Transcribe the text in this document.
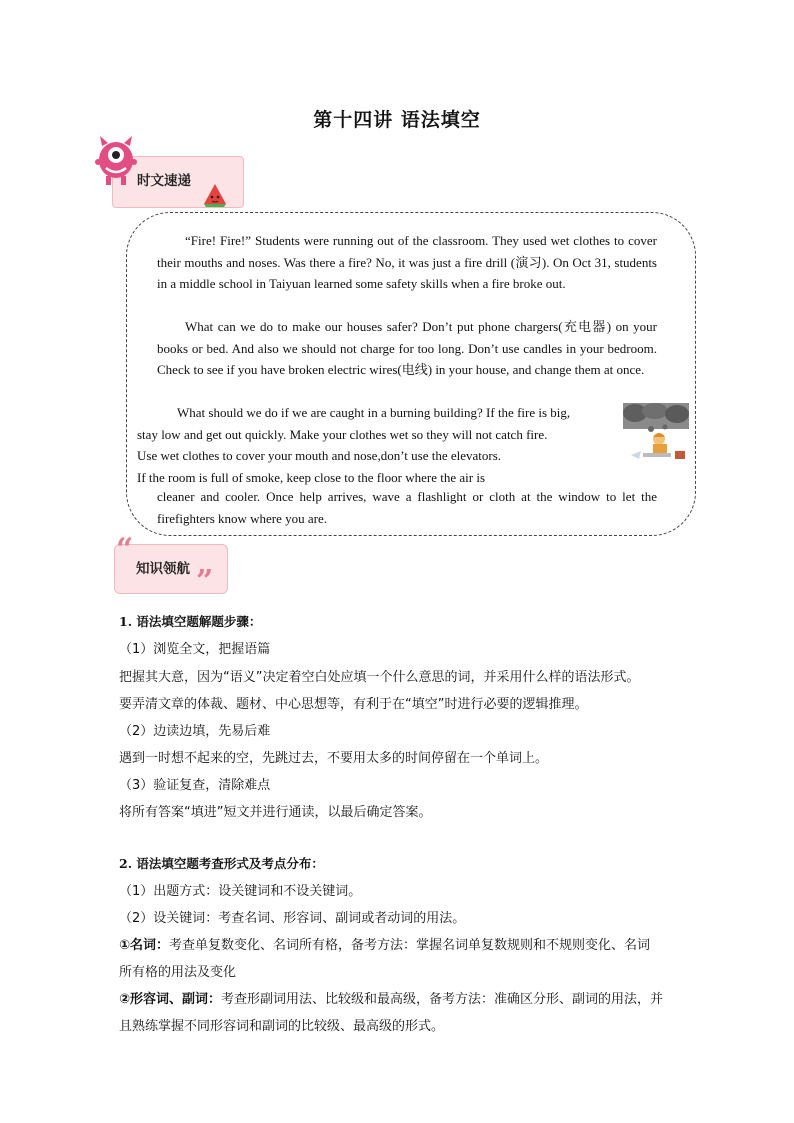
第十四讲 语法填空
时文速递

“Fire! Fire!” Students were running out of the classroom. They used wet clothes to cover their mouths and noses. Was there a fire? No, it was just a fire drill (演习). On Oct 31, students in a middle school in Taiyuan learned some safety skills when a fire broke out.

What can we do to make our houses safer? Don’t put phone chargers(充电器) on your books or bed. And also we should not charge for too long. Don’t use candles in your bedroom. Check to see if you have broken electric wires(电线) in your house, and change them at once.

What should we do if we are caught in a burning building? If the fire is big,
stay low and get out quickly. Make your clothes wet so they will not catch fire.
Use wet clothes to cover your mouth and nose,don’t use the elevators.
If the room is full of smoke, keep close to the floor where the air is

cleaner and cooler. Once help arrives, wave a flashlight or cloth at the window to let the firefighters know where you are.

“
知识领航 ”
1. 语法填空题解题步骤：
（1）浏览全文，把握语篇
把握其大意，因为“语义”决定着空白处应填一个什么意思的词，并采用什么样的语法形式。
要弄清文章的体裁、题材、中心思想等，有利于在“填空”时进行必要的逻辑推理。
（2）边读边填，先易后难
遇到一时想不起来的空，先跳过去，不要用太多的时间停留在一个单词上。
（3）验证复查，清除难点
将所有答案“填进”短文并进行通读，以最后确定答案。
2. 语法填空题考查形式及考点分布：
（1）出题方式：设关键词和不设关键词。
（2）设关键词：考查名词、形容词、副词或者动词的用法。
①名词：考查单复数变化、名词所有格，备考方法：掌握名词单复数规则和不规则变化、名词
所有格的用法及变化
②形容词、副词：考查形副词用法、比较级和最高级，备考方法：准确区分形、副词的用法，并
且熟练掌握不同形容词和副词的比较级、最高级的形式。
